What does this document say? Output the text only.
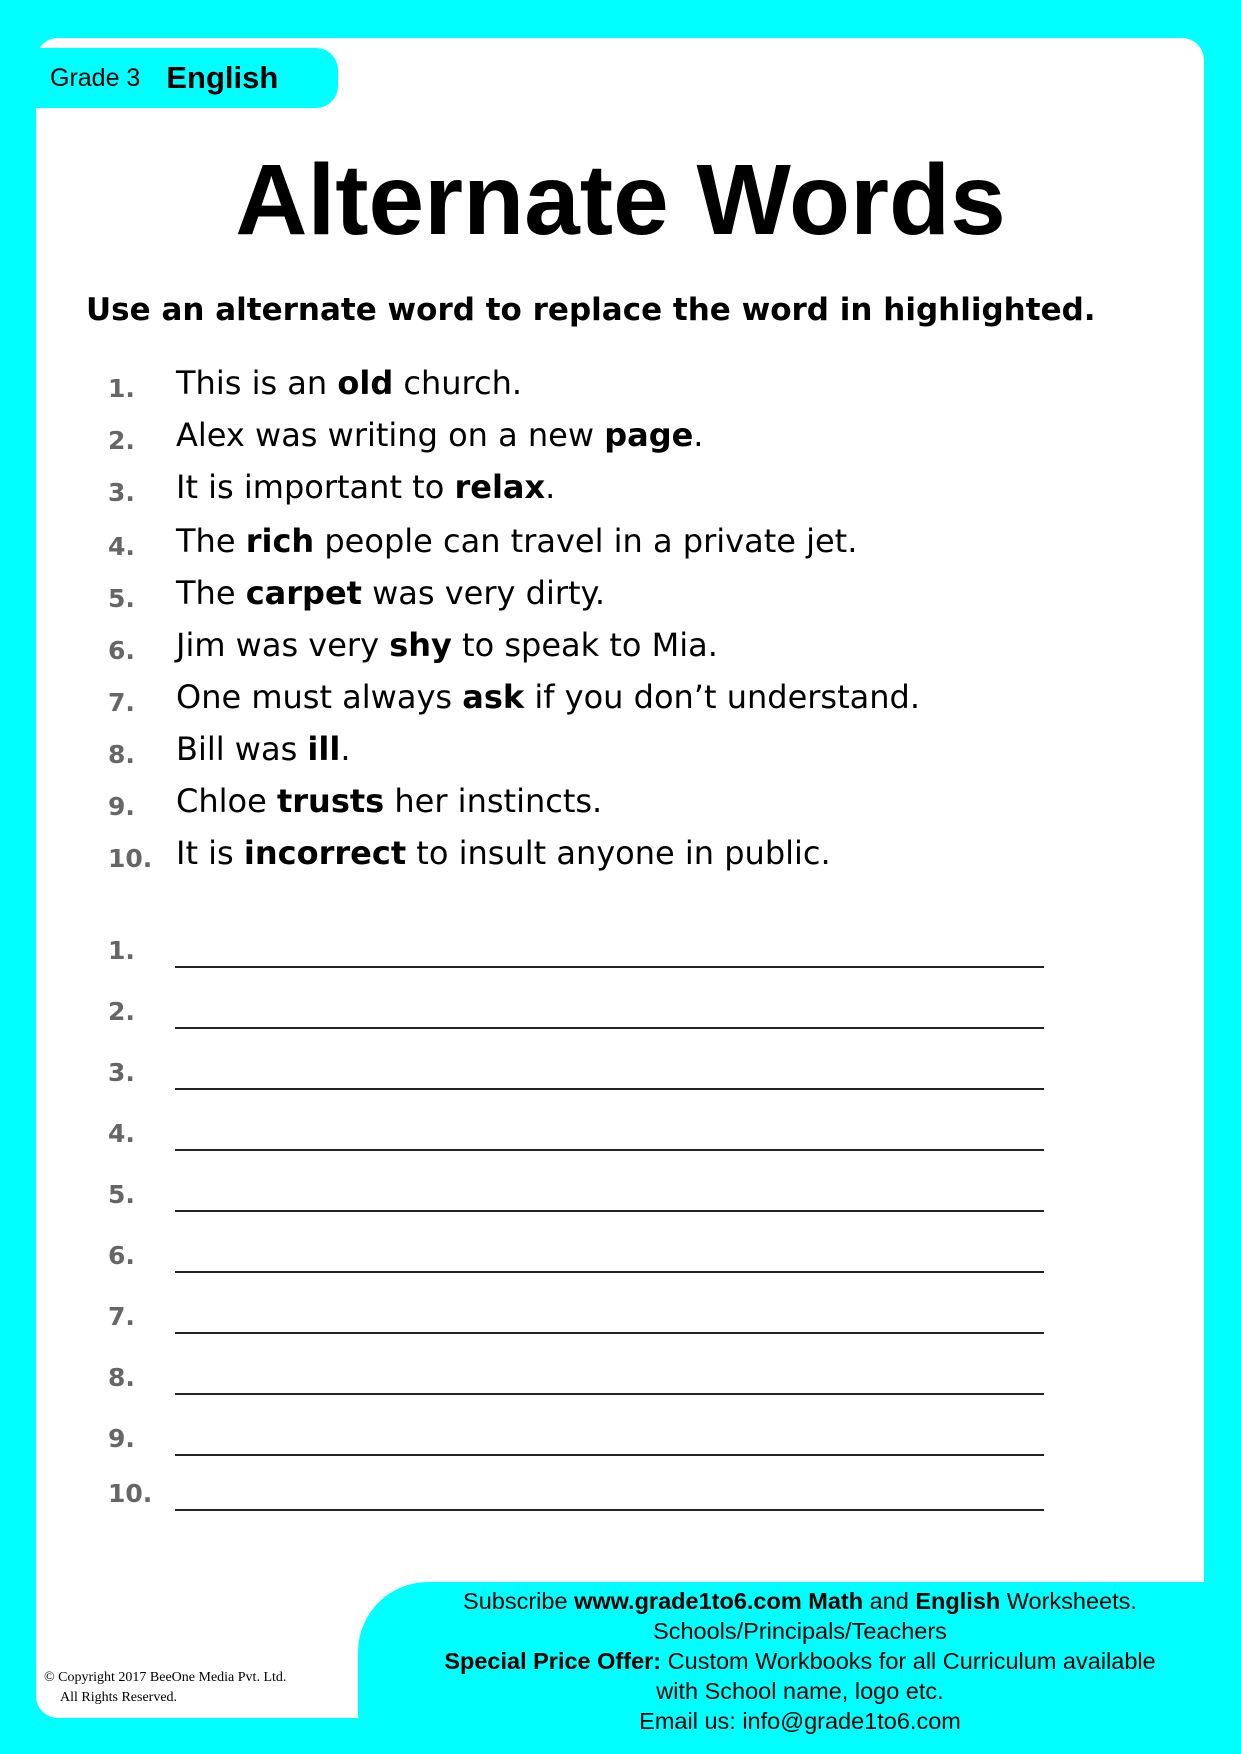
Grade 3 English
Alternate Words
Use an alternate word to replace the word in highlighted.
1. This is an old church.
2. Alex was writing on a new page.
3. It is important to relax.
4. The rich people can travel in a private jet.
5. The carpet was very dirty.
6. Jim was very shy to speak to Mia.
7. One must always ask if you don’t understand.
8. Bill was ill.
9. Chloe trusts her instincts.
10. It is incorrect to insult anyone in public.
1.
2.
3.
4.
5.
6.
7.
8.
9.
10.
Subscribe www.grade1to6.com Math and English Worksheets.
Schools/Principals/Teachers
Special Price Offer: Custom Workbooks for all Curriculum available
with School name, logo etc.
Email us: info@grade1to6.com
© Copyright 2017 BeeOne Media Pvt. Ltd.
All Rights Reserved.
